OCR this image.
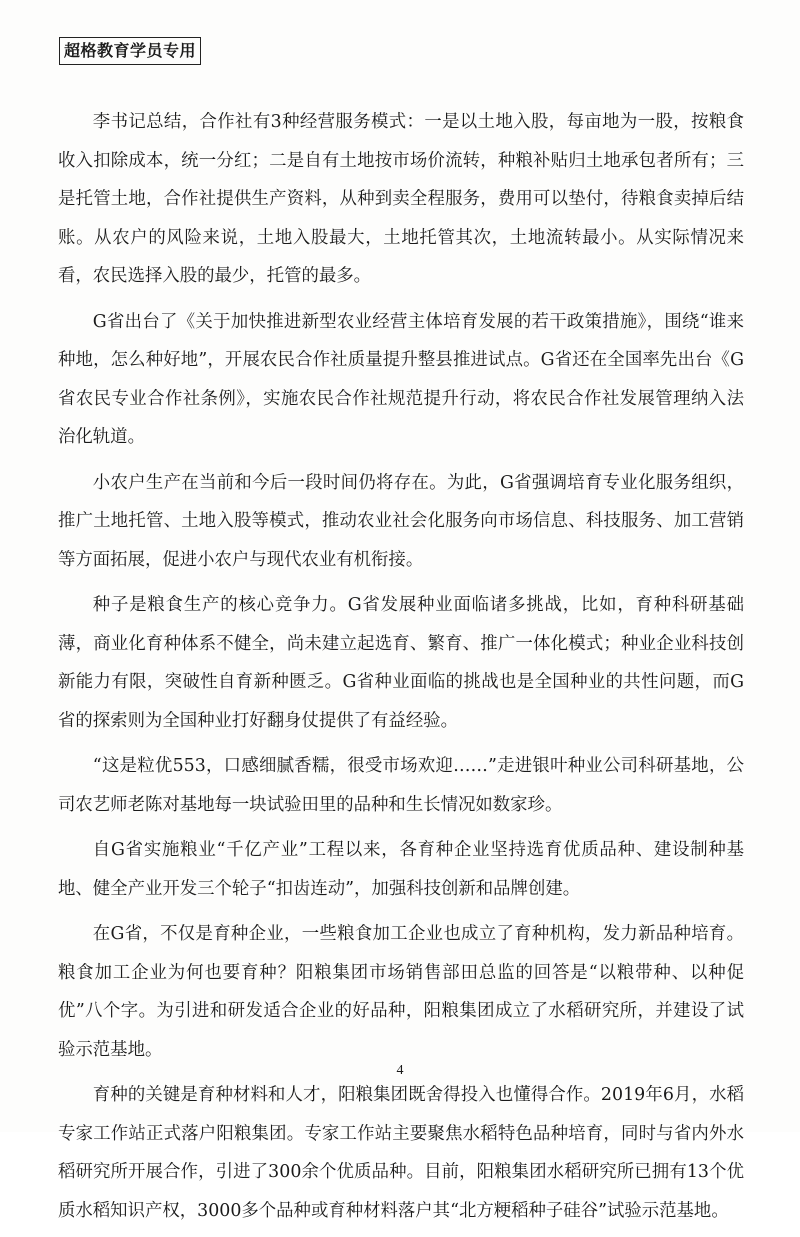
超格教育学员专用

李书记总结，合作社有3种经营服务模式：一是以土地入股，每亩地为一股，按粮食收入扣除成本，统一分红；二是自有土地按市场价流转，种粮补贴归土地承包者所有；三是托管土地，合作社提供生产资料，从种到卖全程服务，费用可以垫付，待粮食卖掉后结账。从农户的风险来说，土地入股最大，土地托管其次，土地流转最小。从实际情况来看，农民选择入股的最少，托管的最多。

G省出台了《关于加快推进新型农业经营主体培育发展的若干政策措施》，围绕“谁来种地，怎么种好地”，开展农民合作社质量提升整县推进试点。G省还在全国率先出台《G省农民专业合作社条例》，实施农民合作社规范提升行动，将农民合作社发展管理纳入法治化轨道。

小农户生产在当前和今后一段时间仍将存在。为此，G省强调培育专业化服务组织，推广土地托管、土地入股等模式，推动农业社会化服务向市场信息、科技服务、加工营销等方面拓展，促进小农户与现代农业有机衔接。

种子是粮食生产的核心竞争力。G省发展种业面临诸多挑战，比如，育种科研基础薄，商业化育种体系不健全，尚未建立起选育、繁育、推广一体化模式；种业企业科技创新能力有限，突破性自育新种匮乏。G省种业面临的挑战也是全国种业的共性问题，而G省的探索则为全国种业打好翻身仗提供了有益经验。

“这是粒优553，口感细腻香糯，很受市场欢迎……”走进银叶种业公司科研基地，公司农艺师老陈对基地每一块试验田里的品种和生长情况如数家珍。

自G省实施粮业“千亿产业”工程以来，各育种企业坚持选育优质品种、建设制种基地、健全产业开发三个轮子“扣齿连动”，加强科技创新和品牌创建。

在G省，不仅是育种企业，一些粮食加工企业也成立了育种机构，发力新品种培育。粮食加工企业为何也要育种？阳粮集团市场销售部田总监的回答是“以粮带种、以种促优”八个字。为引进和研发适合企业的好品种，阳粮集团成立了水稻研究所，并建设了试验示范基地。

育种的关键是育种材料和人才，阳粮集团既舍得投入也懂得合作。2019年6月，水稻专家工作站正式落户阳粮集团。专家工作站主要聚焦水稻特色品种培育，同时与省内外水稻研究所开展合作，引进了300余个优质品种。目前，阳粮集团水稻研究所已拥有13个优质水稻知识产权，3000多个品种或育种材料落户其“北方粳稻种子硅谷”试验示范基地。

4
